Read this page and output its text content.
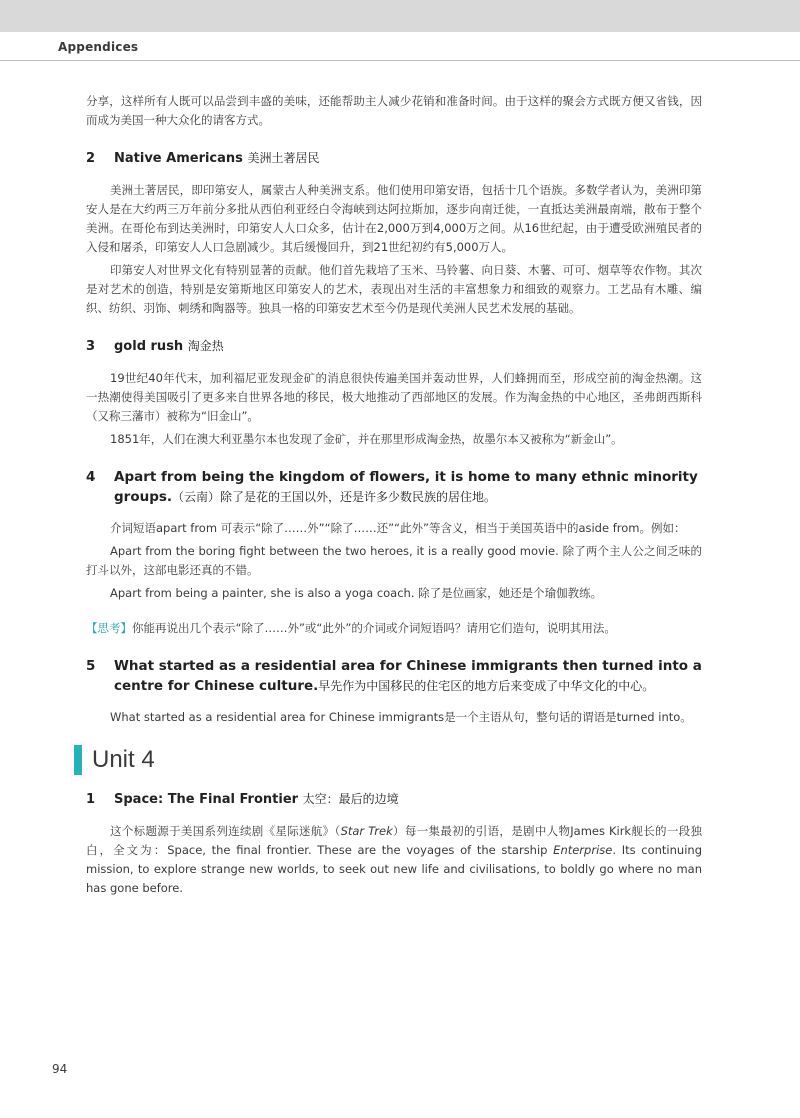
Appendices

分享，这样所有人既可以品尝到丰盛的美味，还能帮助主人减少花销和准备时间。由于这样的聚会方式既方便又省钱，因而成为美国一种大众化的请客方式。

2	Native Americans 美洲土著居民

美洲土著居民，即印第安人，属蒙古人种美洲支系。他们使用印第安语，包括十几个语族。多数学者认为，美洲印第安人是在大约两三万年前分多批从西伯利亚经白令海峡到达阿拉斯加，逐步向南迁徙，一直抵达美洲最南端，散布于整个美洲。在哥伦布到达美洲时，印第安人人口众多，估计在2,000万到4,000万之间。从16世纪起，由于遭受欧洲殖民者的入侵和屠杀，印第安人人口急剧减少。其后缓慢回升，到21世纪初约有5,000万人。

印第安人对世界文化有特别显著的贡献。他们首先栽培了玉米、马铃薯、向日葵、木薯、可可、烟草等农作物。其次是对艺术的创造，特别是安第斯地区印第安人的艺术，表现出对生活的丰富想象力和细致的观察力。工艺品有木雕、编织、纺织、羽饰、刺绣和陶器等。独具一格的印第安艺术至今仍是现代美洲人民艺术发展的基础。

3	gold rush 淘金热

19世纪40年代末，加利福尼亚发现金矿的消息很快传遍美国并轰动世界，人们蜂拥而至，形成空前的淘金热潮。这一热潮使得美国吸引了更多来自世界各地的移民，极大地推动了西部地区的发展。作为淘金热的中心地区，圣弗朗西斯科（又称三藩市）被称为“旧金山”。

1851年，人们在澳大利亚墨尔本也发现了金矿，并在那里形成淘金热，故墨尔本又被称为“新金山”。

4	Apart from being the kingdom of flowers, it is home to many ethnic minority groups.（云南）除了是花的王国以外，还是许多少数民族的居住地。

介词短语apart from 可表示“除了……外”“除了……还”“此外”等含义，相当于美国英语中的aside from。例如：

Apart from the boring fight between the two heroes, it is a really good movie. 除了两个主人公之间乏味的打斗以外，这部电影还真的不错。

Apart from being a painter, she is also a yoga coach. 除了是位画家，她还是个瑜伽教练。

【思考】你能再说出几个表示“除了……外”或“此外”的介词或介词短语吗？请用它们造句，说明其用法。
5	What started as a residential area for Chinese immigrants then turned into a centre for Chinese culture.早先作为中国移民的住宅区的地方后来变成了中华文化的中心。

What started as a residential area for Chinese immigrants是一个主语从句，整句话的谓语是turned into。

Unit 4
1	Space: The Final Frontier 太空：最后的边境

这个标题源于美国系列连续剧《星际迷航》（Star Trek）每一集最初的引语，是剧中人物James Kirk舰长的一段独白，全文为：Space, the final frontier. These are the voyages of the starship Enterprise. Its continuing mission, to explore strange new worlds, to seek out new life and civilisations, to boldly go where no man has gone before.

94
